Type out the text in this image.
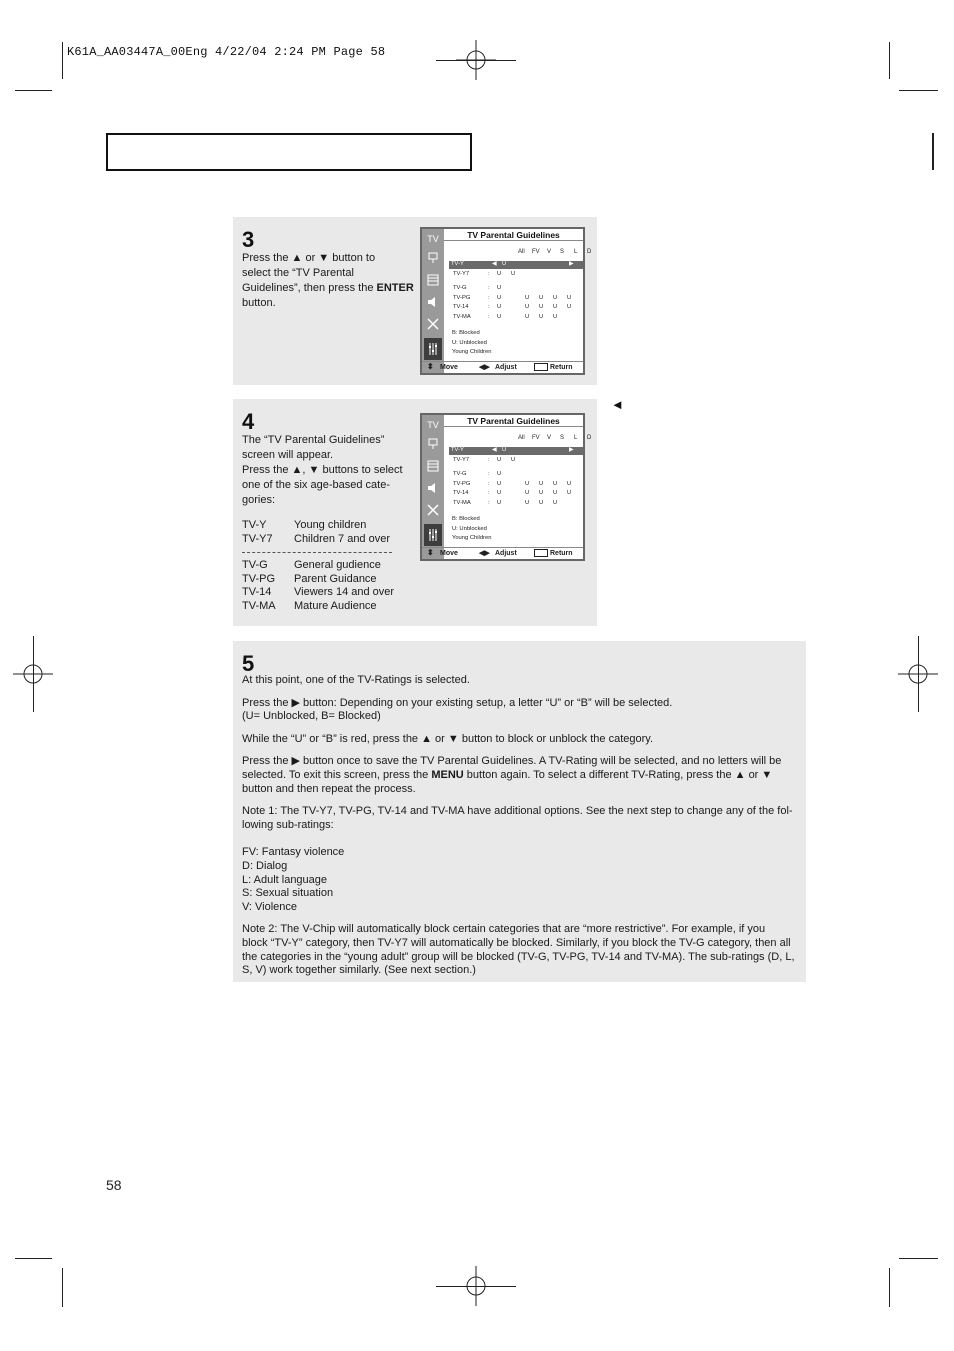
K61A_AA03447A_00Eng 4/22/04 2:24 PM Page 58
3

Press the ▲ or ▼ button to

select the “TV Parental

Guidelines”, then press the ENTER

button.

TV	TV Parental Guidelines
All FV V S L D
TV-Y	◀ U	▶
TV-Y7	: U U
TV-G	: U
TV-PG	: U	U U U U
TV-14	: U	U U U U
TV-MA	: U	U U U
B: Blocked
U: Unblocked
Young Children
⬍ Move	◀▶ Adjust	Return
4

The “TV Parental Guidelines”

screen will appear.

Press the ▲, ▼ buttons to select

one of the six age-based cate-

gories:

TV-Y	Young children
TV-Y7	Children 7 and over
TV-G	General gudience
TV-PG	Parent Guidance
TV-14	Viewers 14 and over
TV-MA	Mature Audience
TV	TV Parental Guidelines
All FV V S L D
TV-Y	◀ U	▶
TV-Y7	: U U
TV-G	: U
TV-PG	: U	U U U U
TV-14	: U	U U U U
TV-MA	: U	U U U
B: Blocked
U: Unblocked
Young Children
⬍ Move	◀▶ Adjust	Return
◄
5

At this point, one of the TV-Ratings is selected.

Press the ▶ button: Depending on your existing setup, a letter “U” or “B” will be selected.

(U= Unblocked, B= Blocked)

While the “U” or “B” is red, press the ▲ or ▼ button to block or unblock the category.

Press the ▶ button once to save the TV Parental Guidelines. A TV-Rating will be selected, and no letters will be

selected. To exit this screen, press the MENU button again. To select a different TV-Rating, press the ▲ or ▼

button and then repeat the process.

Note 1: The TV-Y7, TV-PG, TV-14 and TV-MA have additional options. See the next step to change any of the fol-

lowing sub-ratings:

FV: Fantasy violence

D: Dialog

L: Adult language

S: Sexual situation

V: Violence

Note 2: The V-Chip will automatically block certain categories that are “more restrictive”. For example, if you

block “TV-Y” category, then TV-Y7 will automatically be blocked. Similarly, if you block the TV-G category, then all

the categories in the “young adult” group will be blocked (TV-G, TV-PG, TV-14 and TV-MA). The sub-ratings (D, L,

S, V) work together similarly. (See next section.)

58
